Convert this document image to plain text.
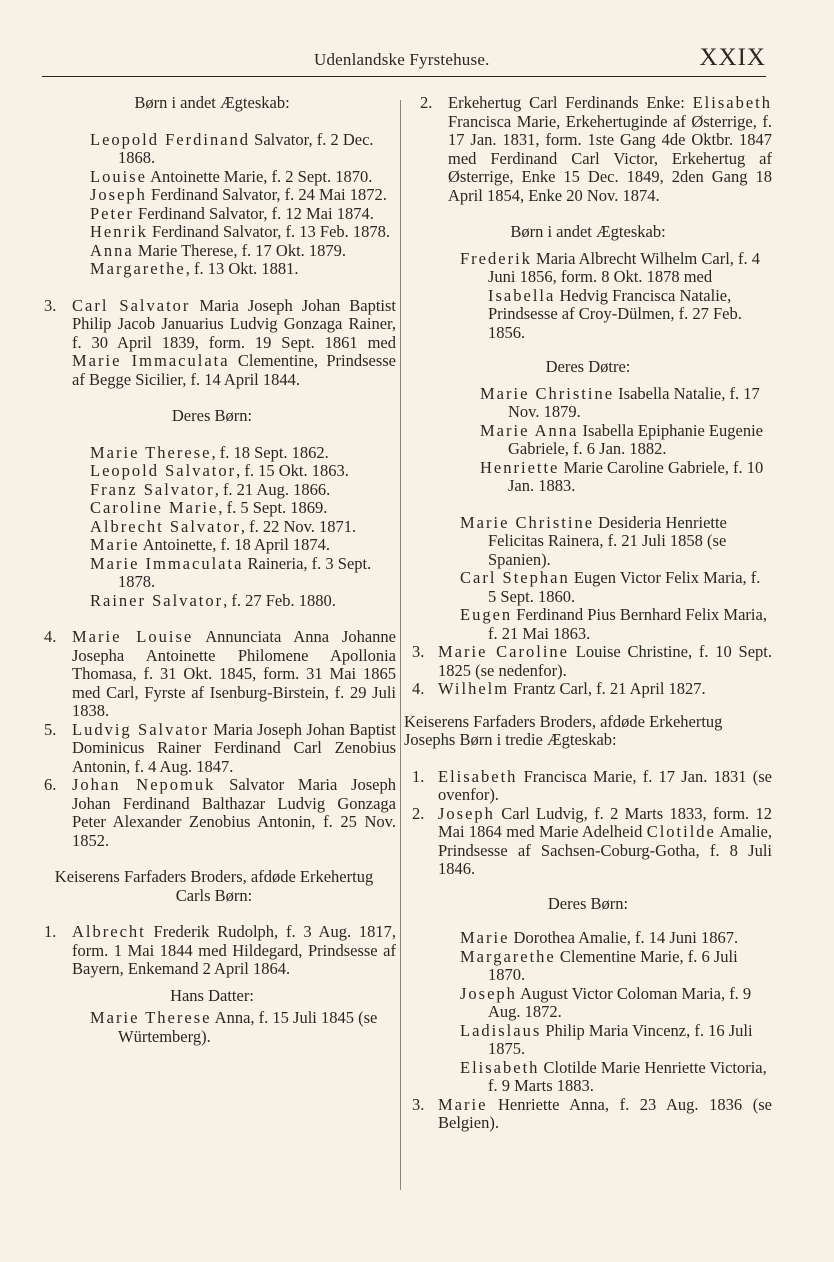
Udenlandske Fyrstehuse.	XXIX

Børn i andet Ægteskab:

Leopold Ferdinand Salvator, f. 2 Dec. 1868.
Louise Antoinette Marie, f. 2 Sept. 1870.
Joseph Ferdinand Salvator, f. 24 Mai 1872.
Peter Ferdinand Salvator, f. 12 Mai 1874.
Henrik Ferdinand Salvator, f. 13 Feb. 1878.
Anna Marie Therese, f. 17 Okt. 1879.
Margarethe, f. 13 Okt. 1881.
3. Carl Salvator Maria Joseph Johan Baptist Philip Jacob Januarius Ludvig Gonzaga Rainer, f. 30 April 1839, form. 19 Sept. 1861 med Marie Immaculata Clementine, Prindsesse af Begge Sicilier, f. 14 April 1844.

Deres Børn:

Marie Therese, f. 18 Sept. 1862.
Leopold Salvator, f. 15 Okt. 1863.
Franz Salvator, f. 21 Aug. 1866.
Caroline Marie, f. 5 Sept. 1869.
Albrecht Salvator, f. 22 Nov. 1871.
Marie Antoinette, f. 18 April 1874.
Marie Immaculata Raineria, f. 3 Sept. 1878.
Rainer Salvator, f. 27 Feb. 1880.
4. Marie Louise Annunciata Anna Johanne Josepha Antoinette Philomene Apollonia Thomasa, f. 31 Okt. 1845, form. 31 Mai 1865 med Carl, Fyrste af Isenburg-Birstein, f. 29 Juli 1838.
5. Ludvig Salvator Maria Joseph Johan Baptist Dominicus Rainer Ferdinand Carl Zenobius Antonin, f. 4 Aug. 1847.
6. Johan Nepomuk Salvator Maria Joseph Johan Ferdinand Balthazar Ludvig Gonzaga Peter Alexander Zenobius Antonin, f. 25 Nov. 1852.

Keiserens Farfaders Broders, afdøde Erkehertug Carls Børn:

1. Albrecht Frederik Rudolph, f. 3 Aug. 1817, form. 1 Mai 1844 med Hildegard, Prindsesse af Bayern, Enkemand 2 April 1864.

Hans Datter:

Marie Therese Anna, f. 15 Juli 1845 (se Würtemberg).
2. Erkehertug Carl Ferdinands Enke: Elisabeth Francisca Marie, Erkehertuginde af Østerrige, f. 17 Jan. 1831, form. 1ste Gang 4de Oktbr. 1847 med Ferdinand Carl Victor, Erkehertug af Østerrige, Enke 15 Dec. 1849, 2den Gang 18 April 1854, Enke 20 Nov. 1874.

Børn i andet Ægteskab:

Frederik Maria Albrecht Wilhelm Carl, f. 4 Juni 1856, form. 8 Okt. 1878 med Isabella Hedvig Francisca Natalie, Prindsesse af Croy-Dülmen, f. 27 Feb. 1856.

Deres Døtre:

Marie Christine Isabella Natalie, f. 17 Nov. 1879.
Marie Anna Isabella Epiphanie Eugenie Gabriele, f. 6 Jan. 1882.
Henriette Marie Caroline Gabriele, f. 10 Jan. 1883.
Marie Christine Desideria Henriette Felicitas Rainera, f. 21 Juli 1858 (se Spanien).
Carl Stephan Eugen Victor Felix Maria, f. 5 Sept. 1860.
Eugen Ferdinand Pius Bernhard Felix Maria, f. 21 Mai 1863.
3. Marie Caroline Louise Christine, f. 10 Sept. 1825 (se nedenfor).
4. Wilhelm Frantz Carl, f. 21 April 1827.

Keiserens Farfaders Broders, afdøde Erkehertug Josephs Børn i tredie Ægteskab:

1. Elisabeth Francisca Marie, f. 17 Jan. 1831 (se ovenfor).
2. Joseph Carl Ludvig, f. 2 Marts 1833, form. 12 Mai 1864 med Marie Adelheid Clotilde Amalie, Prindsesse af Sachsen-Coburg-Gotha, f. 8 Juli 1846.

Deres Børn:

Marie Dorothea Amalie, f. 14 Juni 1867.
Margarethe Clementine Marie, f. 6 Juli 1870.
Joseph August Victor Coloman Maria, f. 9 Aug. 1872.
Ladislaus Philip Maria Vincenz, f. 16 Juli 1875.
Elisabeth Clotilde Marie Henriette Victoria, f. 9 Marts 1883.
3. Marie Henriette Anna, f. 23 Aug. 1836 (se Belgien).
